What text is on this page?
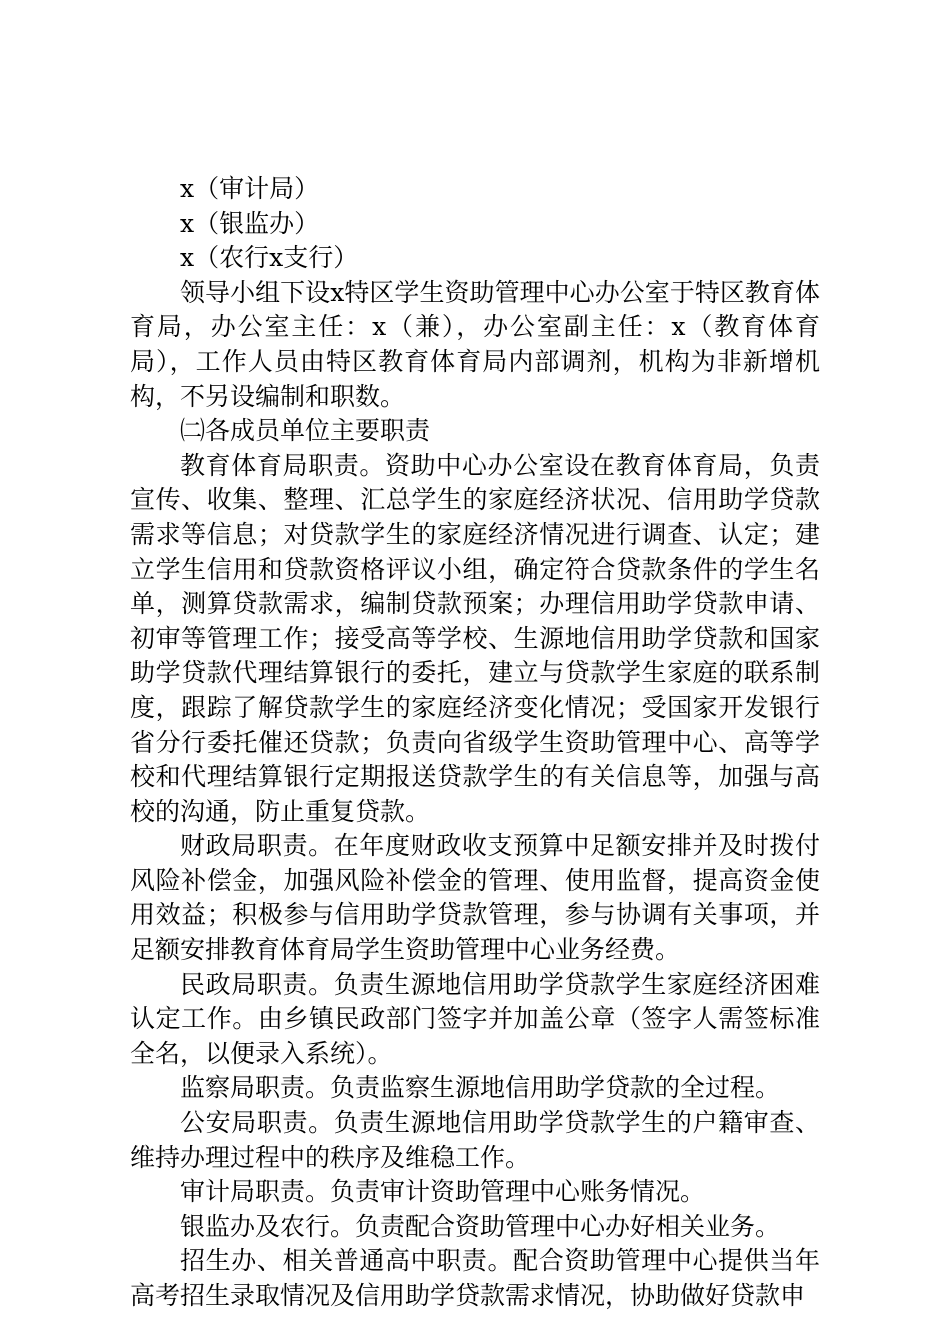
x（审计局）

x（银监办）

x（农行x支行）

领导小组下设x特区学生资助管理中心办公室于特区教育体育局，办公室主任：x（兼），办公室副主任：x（教育体育局），工作人员由特区教育体育局内部调剂，机构为非新增机构，不另设编制和职数。

㈡各成员单位主要职责

教育体育局职责。资助中心办公室设在教育体育局，负责宣传、收集、整理、汇总学生的家庭经济状况、信用助学贷款需求等信息；对贷款学生的家庭经济情况进行调查、认定；建立学生信用和贷款资格评议小组，确定符合贷款条件的学生名单，测算贷款需求，编制贷款预案；办理信用助学贷款申请、初审等管理工作；接受高等学校、生源地信用助学贷款和国家助学贷款代理结算银行的委托，建立与贷款学生家庭的联系制度，跟踪了解贷款学生的家庭经济变化情况；受国家开发银行省分行委托催还贷款；负责向省级学生资助管理中心、高等学校和代理结算银行定期报送贷款学生的有关信息等，加强与高校的沟通，防止重复贷款。

财政局职责。在年度财政收支预算中足额安排并及时拨付风险补偿金，加强风险补偿金的管理、使用监督，提高资金使用效益；积极参与信用助学贷款管理，参与协调有关事项，并足额安排教育体育局学生资助管理中心业务经费。

民政局职责。负责生源地信用助学贷款学生家庭经济困难认定工作。由乡镇民政部门签字并加盖公章（签字人需签标准全名，以便录入系统）。

监察局职责。负责监察生源地信用助学贷款的全过程。

公安局职责。负责生源地信用助学贷款学生的户籍审查、维持办理过程中的秩序及维稳工作。

审计局职责。负责审计资助管理中心账务情况。

银监办及农行。负责配合资助管理中心办好相关业务。

招生办、相关普通高中职责。配合资助管理中心提供当年高考招生录取情况及信用助学贷款需求情况，协助做好贷款申
